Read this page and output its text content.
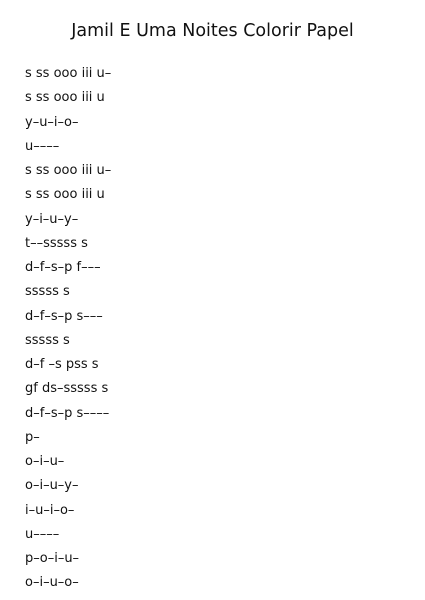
Jamil E Uma Noites Colorir Papel
s ss ooo iii u–
s ss ooo iii u
y–u–i–o–
u––––
s ss ooo iii u–
s ss ooo iii u
y–i–u–y–
t––sssss s
d–f–s–p f–––
sssss s
d–f–s–p s–––
sssss s
d–f –s pss s
gf ds–sssss s
d–f–s–p s––––
p–
o–i–u–
o–i–u–y–
i–u–i–o–
u––––
p–o–i–u–
o–i–u–o–
